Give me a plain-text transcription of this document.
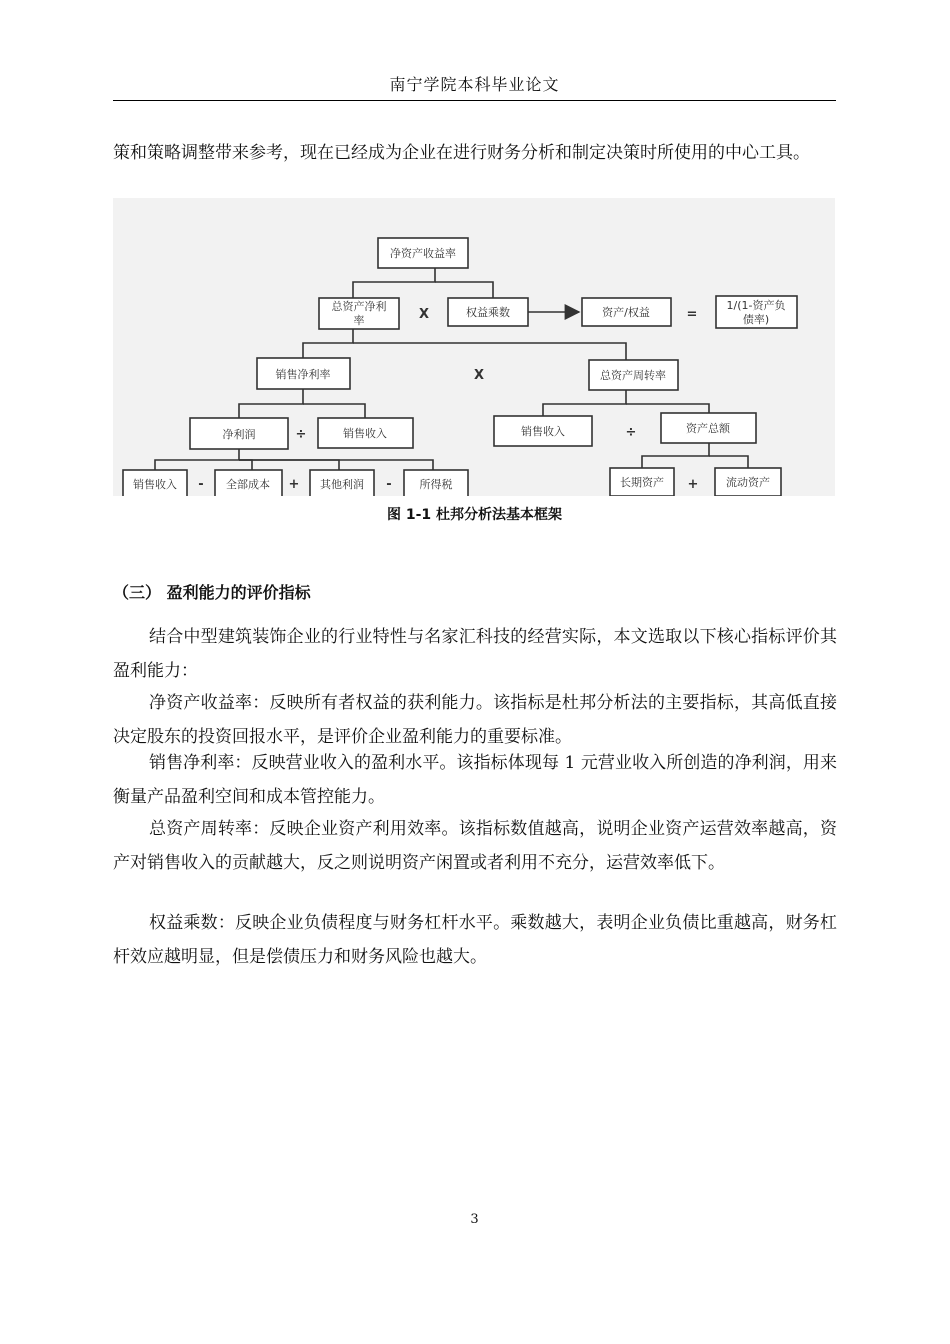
南宁学院本科毕业论文

策和策略调整带来参考，现在已经成为企业在进行财务分析和制定决策时所使用的中心工具。

净资产收益率
总资产净利
率
权益乘数	资产/权益
1/(1-资产负
债率)
销售净利率	总资产周转率
净利润	销售收入	销售收入	资产总额
销售收入	全部成本	其他利润	所得税	长期资产	流动资产
X	=
X
÷	÷
-	+	-	+
图 1-1 杜邦分析法基本框架
（三） 盈利能力的评价指标

结合中型建筑装饰企业的行业特性与名家汇科技的经营实际，本文选取以下核心指标评价其盈利能力：

净资产收益率：反映所有者权益的获利能力。该指标是杜邦分析法的主要指标，其高低直接决定股东的投资回报水平，是评价企业盈利能力的重要标准。

销售净利率：反映营业收入的盈利水平。该指标体现每 1 元营业收入所创造的净利润，用来衡量产品盈利空间和成本管控能力。

总资产周转率：反映企业资产利用效率。该指标数值越高，说明企业资产运营效率越高，资产对销售收入的贡献越大，反之则说明资产闲置或者利用不充分，运营效率低下。

权益乘数：反映企业负债程度与财务杠杆水平。乘数越大，表明企业负债比重越高，财务杠杆效应越明显，但是偿债压力和财务风险也越大。

3
